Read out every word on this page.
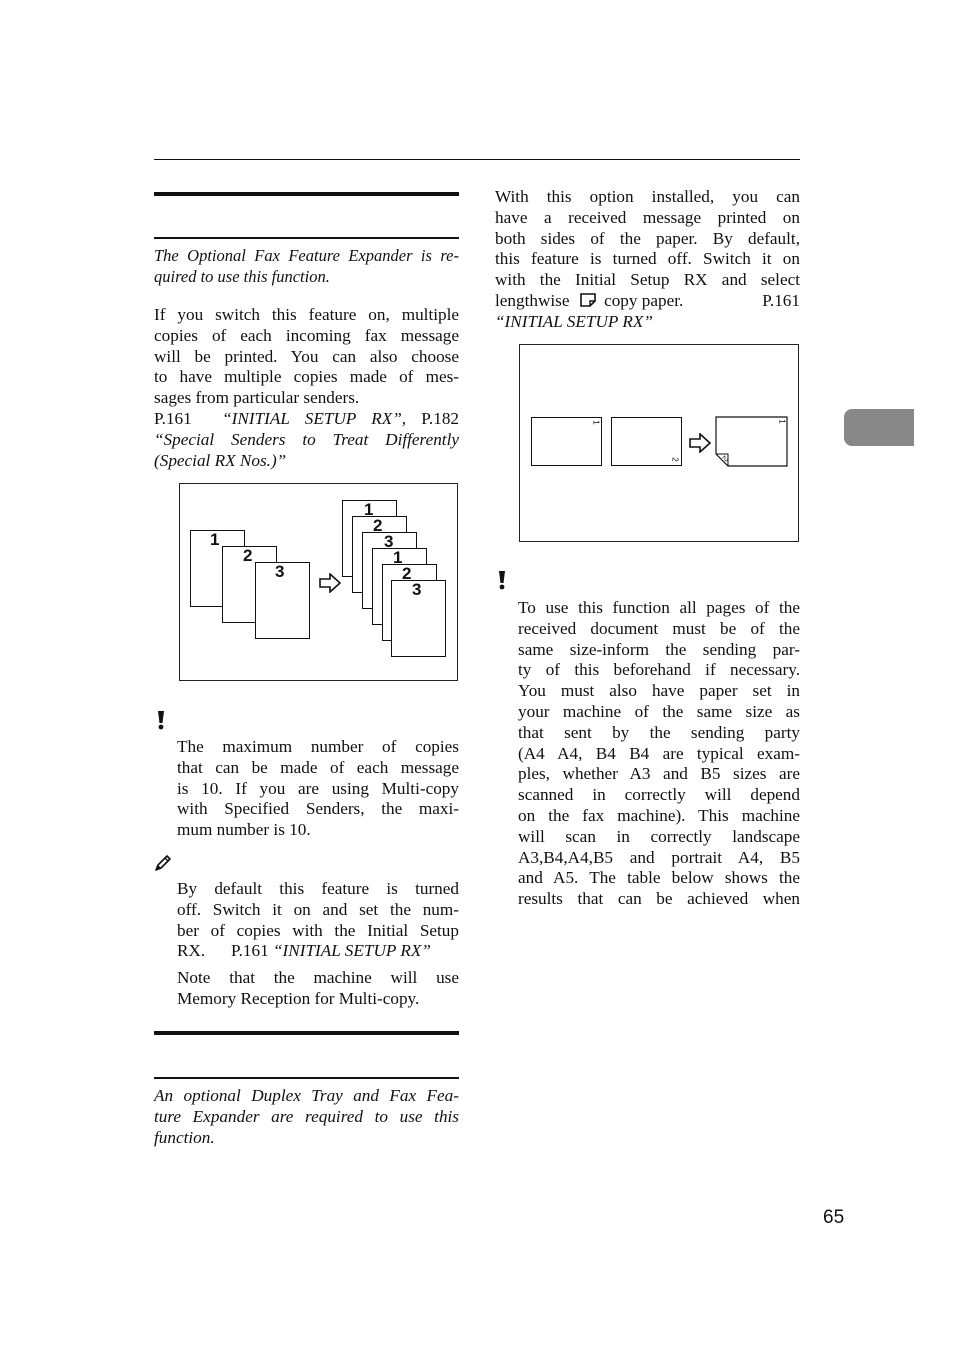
The Optional Fax Feature Expander is re-
quired to use this function.
If you switch this feature on, multiple
copies of each incoming fax message
will be printed. You can also choose
to have multiple copies made of mes-
sages from particular senders.
P.161 “INITIAL SETUP RX”, P.182
“Special Senders to Treat Differently
(Special RX Nos.)”
1
2
3
1
2
3
1
2
3
The maximum number of copies
that can be made of each message
is 10. If you are using Multi-copy
with Specified Senders, the maxi-
mum number is 10.
By default this feature is turned
off. Switch it on and set the num-
ber of copies with the Initial Setup
RX. P.161 “INITIAL SETUP RX”
Note that the machine will use
Memory Reception for Multi-copy.
An optional Duplex Tray and Fax Fea-
ture Expander are required to use this
function.
With this option installed, you can
have a received message printed on
both sides of the paper. By default,
this feature is turned off. Switch it on
with the Initial Setup RX and select
lengthwise copy paper.	P.161
“INITIAL SETUP RX”
1
2
1
2
To use this function all pages of the
received document must be of the
same size-inform the sending par-
ty of this beforehand if necessary.
You must also have paper set in
your machine of the same size as
that sent by the sending party
(A4 A4, B4 B4 are typical exam-
ples, whether A3 and B5 sizes are
scanned in correctly will depend
on the fax machine). This machine
will scan in correctly landscape
A3,B4,A4,B5 and portrait A4, B5
and A5. The table below shows the
results that can be achieved when
65
